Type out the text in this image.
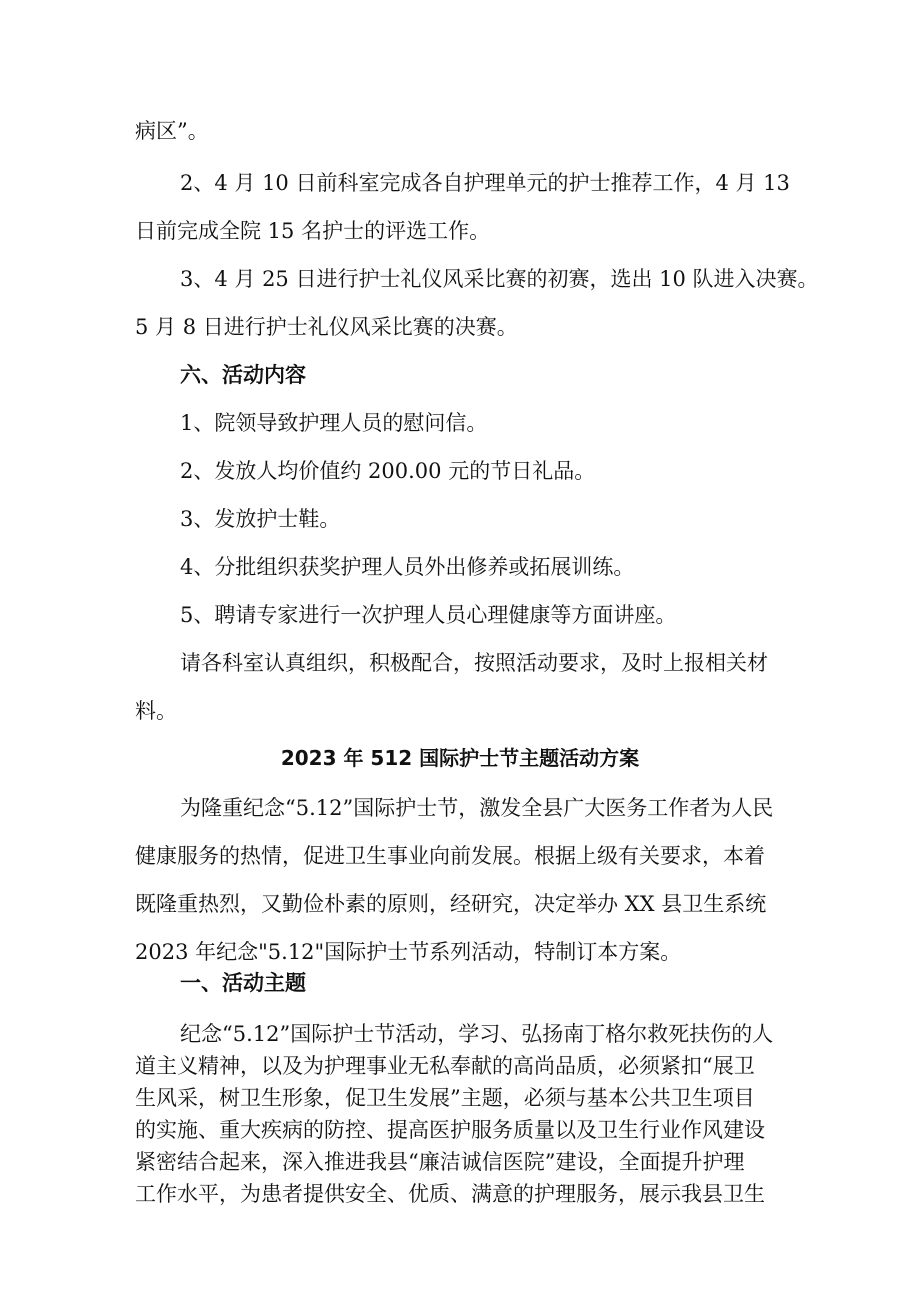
病区”。
2、4 月 10 日前科室完成各自护理单元的护士推荐工作，4 月 13
日前完成全院 15 名护士的评选工作。
3、4 月 25 日进行护士礼仪风采比赛的初赛，选出 10 队进入决赛。
5 月 8 日进行护士礼仪风采比赛的决赛。
六、活动内容
1、院领导致护理人员的慰问信。
2、发放人均价值约 200.00 元的节日礼品。
3、发放护士鞋。
4、分批组织获奖护理人员外出修养或拓展训练。
5、聘请专家进行一次护理人员心理健康等方面讲座。
请各科室认真组织，积极配合，按照活动要求，及时上报相关材
料。
2023 年 512 国际护士节主题活动方案
为隆重纪念“5.12”国际护士节，激发全县广大医务工作者为人民
健康服务的热情，促进卫生事业向前发展。根据上级有关要求，本着
既隆重热烈，又勤俭朴素的原则，经研究，决定举办 XX 县卫生系统
2023 年纪念"5.12"国际护士节系列活动，特制订本方案。
一、活动主题
纪念“5.12”国际护士节活动，学习、弘扬南丁格尔救死扶伤的人
道主义精神，以及为护理事业无私奉献的高尚品质，必须紧扣“展卫
生风采，树卫生形象，促卫生发展”主题，必须与基本公共卫生项目
的实施、重大疾病的防控、提高医护服务质量以及卫生行业作风建设
紧密结合起来，深入推进我县“廉洁诚信医院”建设，全面提升护理
工作水平，为患者提供安全、优质、满意的护理服务，展示我县卫生
